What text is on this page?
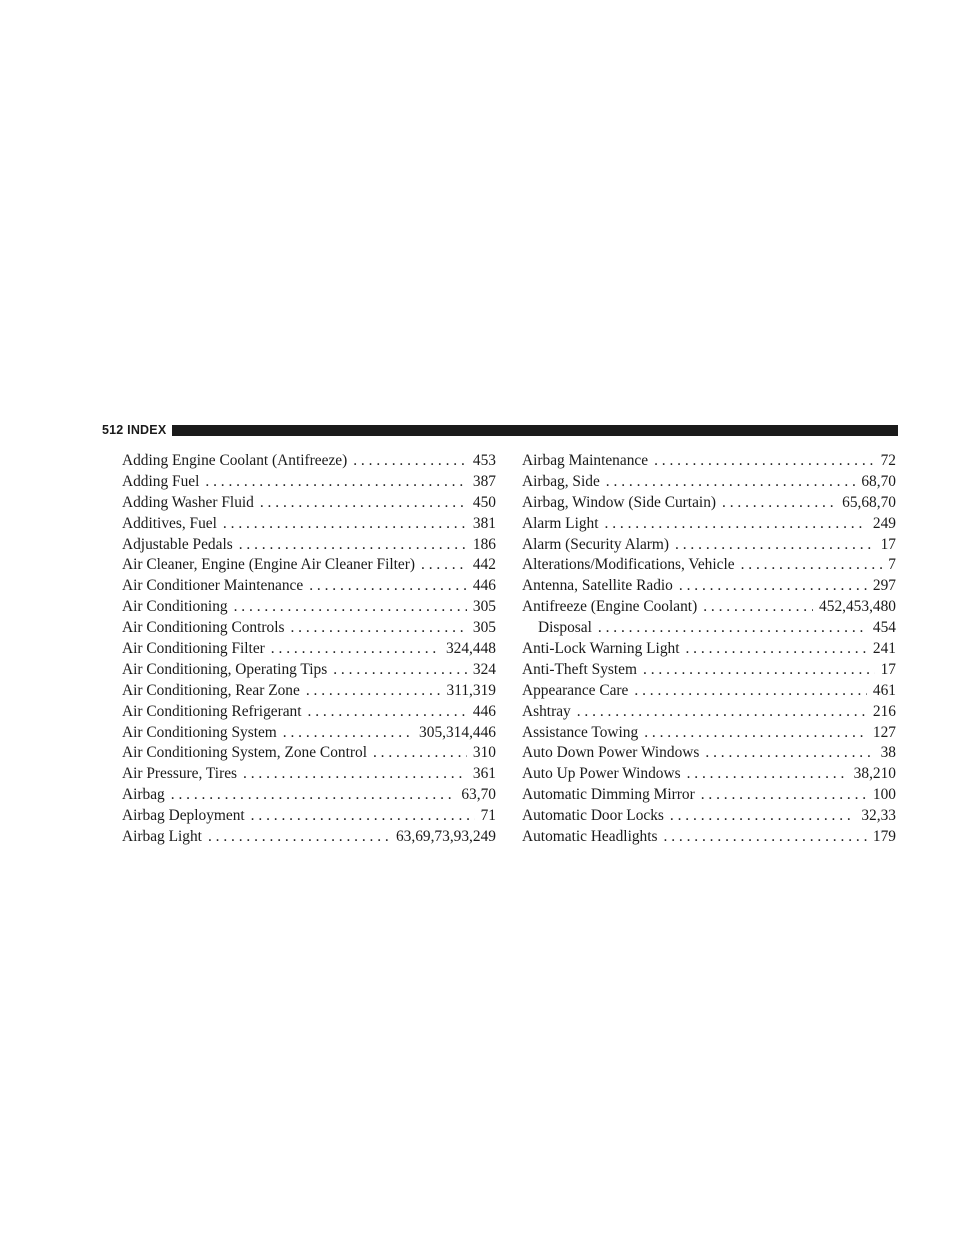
512 INDEX
Adding Engine Coolant (Antifreeze) . . .	453
Adding Fuel . . .	387
Adding Washer Fluid . . .	450
Additives, Fuel . . .	381
Adjustable Pedals . . .	186
Air Cleaner, Engine (Engine Air Cleaner Filter) . . .	442
Air Conditioner Maintenance . . .	446
Air Conditioning . . .	305
Air Conditioning Controls . . .	305
Air Conditioning Filter . . .	324,448
Air Conditioning, Operating Tips . . .	324
Air Conditioning, Rear Zone . . .	311,319
Air Conditioning Refrigerant . . .	446
Air Conditioning System . . .	305,314,446
Air Conditioning System, Zone Control . . .	310
Air Pressure, Tires . . .	361
Airbag . . .	63,70
Airbag Deployment . . .	71
Airbag Light . . .	63,69,73,93,249
Airbag Maintenance . . .	72
Airbag, Side . . .	68,70
Airbag, Window (Side Curtain) . . .	65,68,70
Alarm Light . . .	249
Alarm (Security Alarm) . . .	17
Alterations/Modifications, Vehicle . . .	7
Antenna, Satellite Radio . . .	297
Antifreeze (Engine Coolant) . . .	452,453,480
Disposal . . .	454
Anti-Lock Warning Light . . .	241
Anti-Theft System . . .	17
Appearance Care . . .	461
Ashtray . . .	216
Assistance Towing . . .	127
Auto Down Power Windows . . .	38
Auto Up Power Windows . . .	38,210
Automatic Dimming Mirror . . .	100
Automatic Door Locks . . .	32,33
Automatic Headlights . . .	179
